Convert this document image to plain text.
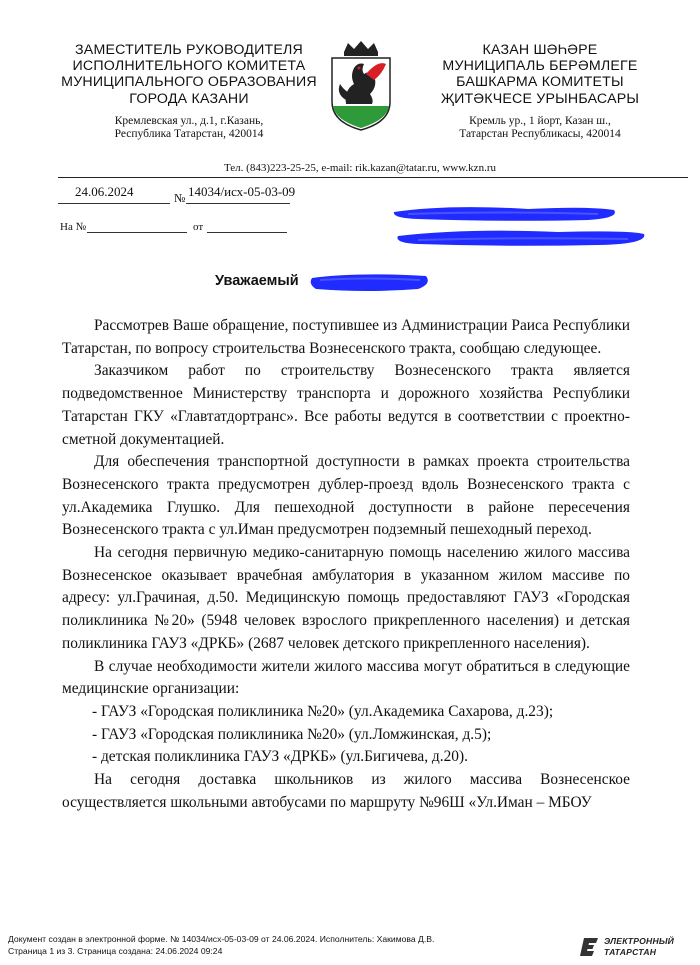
ЗАМЕСТИТЕЛЬ РУКОВОДИТЕЛЯ
ИСПОЛНИТЕЛЬНОГО КОМИТЕТА
МУНИЦИПАЛЬНОГО ОБРАЗОВАНИЯ
ГОРОДА КАЗАНИ
Кремлевская ул., д.1, г.Казань,
Республика Татарстан, 420014
КАЗАН ШӘҺӘРЕ
МУНИЦИПАЛЬ БЕРӘМЛЕГЕ
БАШКАРМА КОМИТЕТЫ
ҖИТӘКЧЕСЕ УРЫНБАСАРЫ
Кремль ур., 1 йорт, Казан ш.,
Татарстан Республикасы, 420014
Тел. (843)223-25-25, e-mail: rik.kazan@tatar.ru, www.kzn.ru
24.06.2024	№ 14034/исх-05-03-09
На №	от
Уважаемый

Рассмотрев Ваше обращение, поступившее из Администрации Раиса Республики Татарстан, по вопросу строительства Вознесенского тракта, сообщаю следующее.

Заказчиком работ по строительству Вознесенского тракта является подведомственное Министерству транспорта и дорожного хозяйства Республики Татарстан ГКУ «Главтатдортранс». Все работы ведутся в соответствии с проектно-сметной документацией.

Для обеспечения транспортной доступности в рамках проекта строительства Вознесенского тракта предусмотрен дублер-проезд вдоль Вознесенского тракта с ул.Академика Глушко. Для пешеходной доступности в районе пересечения Вознесенского тракта с ул.Иман предусмотрен подземный пешеходный переход.

На сегодня первичную медико-санитарную помощь населению жилого массива Вознесенское оказывает врачебная амбулатория в указанном жилом массиве по адресу: ул.Грачиная, д.50. Медицинскую помощь предоставляют ГАУЗ «Городская поликлиника №20» (5948 человек взрослого прикрепленного населения) и детская поликлиника ГАУЗ «ДРКБ» (2687 человек детского прикрепленного населения).

В случае необходимости жители жилого массива могут обратиться в следующие медицинские организации:

- ГАУЗ «Городская поликлиника №20» (ул.Академика Сахарова, д.23);

- ГАУЗ «Городская поликлиника №20» (ул.Ломжинская, д.5);

- детская поликлиника ГАУЗ «ДРКБ» (ул.Бигичева, д.20).

На сегодня доставка школьников из жилого массива Вознесенское осуществляется школьными автобусами по маршруту №96Ш «Ул.Иман – МБОУ

Документ создан в электронной форме. № 14034/исх-05-03-09 от 24.06.2024. Исполнитель: Хакимова Д.В.
Страница 1 из 3. Страница создана: 24.06.2024 09:24
ЭЛЕКТРОННЫЙ
ТАТАРСТАН
